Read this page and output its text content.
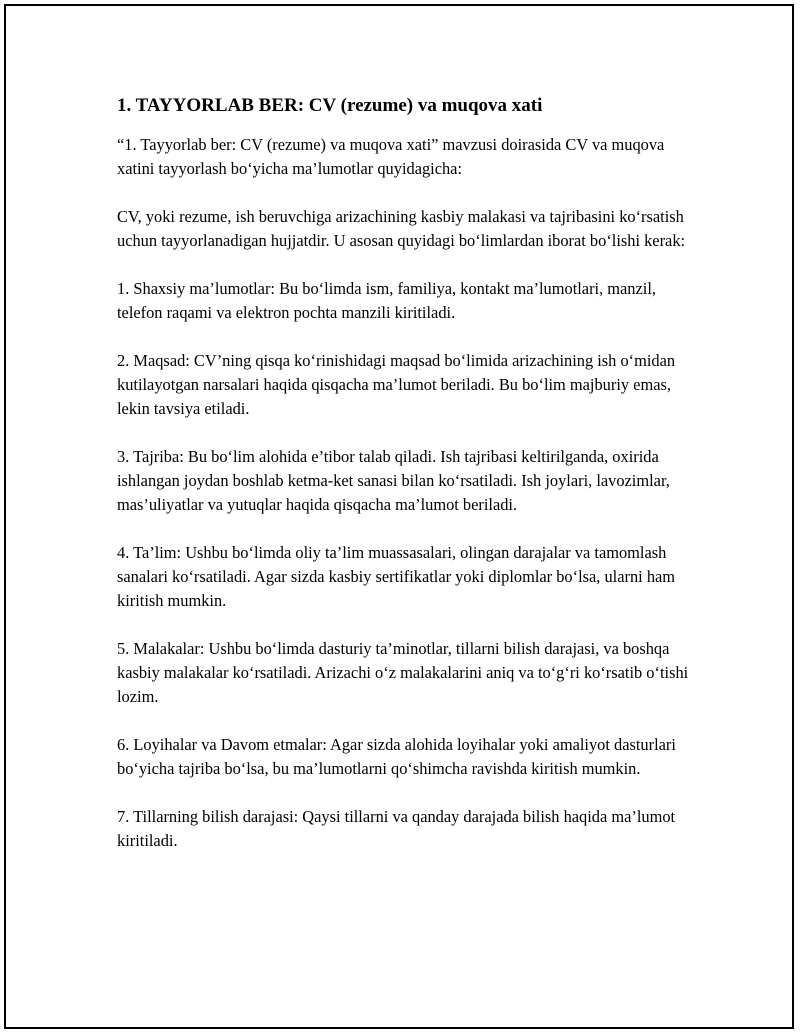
1. TAYYORLAB BER: CV (rezume) va muqova xati

“1. Tayyorlab ber: CV (rezume) va muqova xati” mavzusi doirasida CV va muqova xatini tayyorlash bo‘yicha ma’lumotlar quyidagicha:

CV, yoki rezume, ish beruvchiga arizachining kasbiy malakasi va tajribasini ko‘rsatish uchun tayyorlanadigan hujjatdir. U asosan quyidagi bo‘limlardan iborat bo‘lishi kerak:

1. Shaxsiy ma’lumotlar: Bu bo‘limda ism, familiya, kontakt ma’lumotlari, manzil, telefon raqami va elektron pochta manzili kiritiladi.

2. Maqsad: CV’ning qisqa ko‘rinishidagi maqsad bo‘limida arizachining ish o‘midan kutilayotgan narsalari haqida qisqacha ma’lumot beriladi. Bu bo‘lim majburiy emas, lekin tavsiya etiladi.

3. Tajriba: Bu bo‘lim alohida e’tibor talab qiladi. Ish tajribasi keltirilganda, oxirida ishlangan joydan boshlab ketma-ket sanasi bilan ko‘rsatiladi. Ish joylari, lavozimlar, mas’uliyatlar va yutuqlar haqida qisqacha ma’lumot beriladi.

4. Ta’lim: Ushbu bo‘limda oliy ta’lim muassasalari, olingan darajalar va tamomlash sanalari ko‘rsatiladi. Agar sizda kasbiy sertifikatlar yoki diplomlar bo‘lsa, ularni ham kiritish mumkin.

5. Malakalar: Ushbu bo‘limda dasturiy ta’minotlar, tillarni bilish darajasi, va boshqa kasbiy malakalar ko‘rsatiladi. Arizachi o‘z malakalarini aniq va to‘g‘ri ko‘rsatib o‘tishi lozim.

6. Loyihalar va Davom etmalar: Agar sizda alohida loyihalar yoki amaliyot dasturlari bo‘yicha tajriba bo‘lsa, bu ma’lumotlarni qo‘shimcha ravishda kiritish mumkin.

7. Tillarning bilish darajasi: Qaysi tillarni va qanday darajada bilish haqida ma’lumot kiritiladi.
